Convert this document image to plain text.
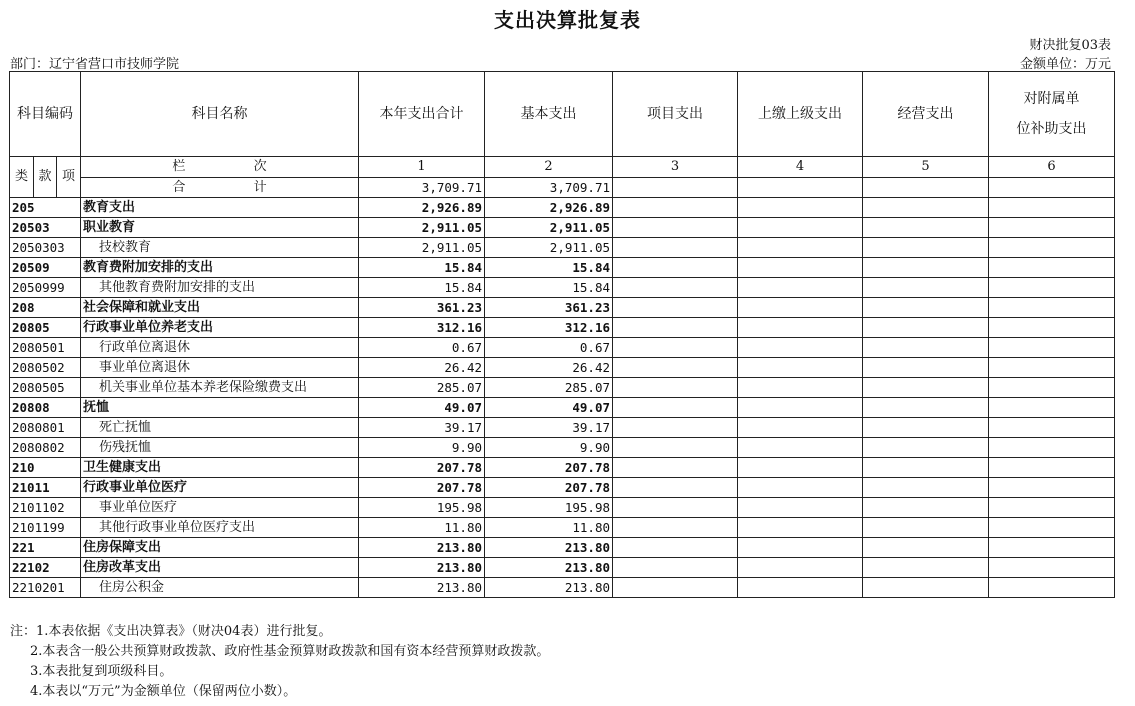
支出决算批复表
财决批复03表
部门：辽宁省营口市技师学院	金额单位：万元
科目编码			科目名称	本年支出合计	基本支出	项目支出	上缴上级支出	经营支出	对附属单
位补助支出

类	款	项	栏 次	1	2	3	4	5	6
			合 计	3,709.71	3,709.71				
205			教育支出	2,926.89	2,926.89				
20503			职业教育	2,911.05	2,911.05				
2050303			技校教育	2,911.05	2,911.05				
20509			教育费附加安排的支出	15.84	15.84				
2050999			其他教育费附加安排的支出	15.84	15.84				
208			社会保障和就业支出	361.23	361.23				
20805			行政事业单位养老支出	312.16	312.16				
2080501			行政单位离退休	0.67	0.67				
2080502			事业单位离退休	26.42	26.42				
2080505			机关事业单位基本养老保险缴费支出	285.07	285.07				
20808			抚恤	49.07	49.07				
2080801			死亡抚恤	39.17	39.17				
2080802			伤残抚恤	9.90	9.90				
210			卫生健康支出	207.78	207.78				
21011			行政事业单位医疗	207.78	207.78				
2101102			事业单位医疗	195.98	195.98				
2101199			其他行政事业单位医疗支出	11.80	11.80				
221			住房保障支出	213.80	213.80				
22102			住房改革支出	213.80	213.80				
2210201			住房公积金	213.80	213.80				
注：1.本表依据《支出决算表》（财决04表）进行批复。
2.本表含一般公共预算财政拨款、政府性基金预算财政拨款和国有资本经营预算财政拨款。
3.本表批复到项级科目。
4.本表以“万元”为金额单位（保留两位小数）。
